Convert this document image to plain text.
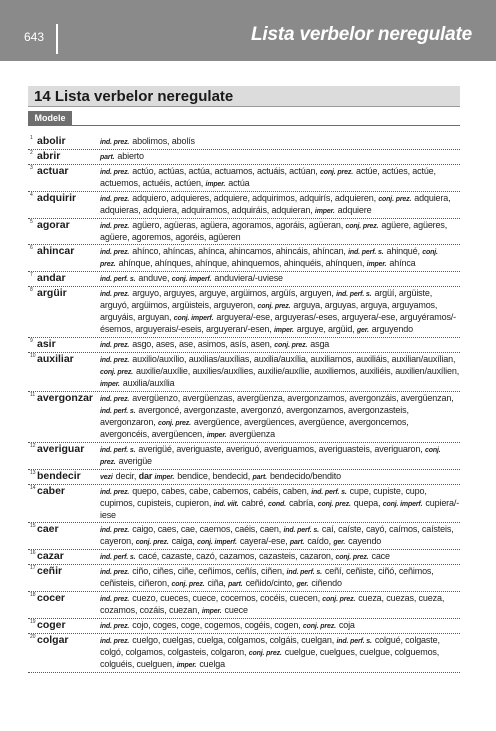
643	Lista verbelor neregulate
14 Lista verbelor neregulate
Modele
1 abolir	ind. prez. abolimos, abolís
2 abrir	part. abierto
3 actuar	ind. prez. actúo, actúas, actúa, actuamos, actuáis, actúan, conj. prez. actúe, actúes, actúe, actuemos, actuéis, actúen, imper. actúa
4 adquirir	ind. prez. adquiero, adquieres, adquiere, adquirimos, adquirís, adquieren, conj. prez. adquiera, adquieras, adquiera, adquiramos, adquiráis, adquieran, imper. adquiere
5 agorar	ind. prez. agüero, agüeras, agüera, agoramos, agoráis, agüeran, conj. prez. agüere, agüeres, agüere, agoremos, agoréis, agüeren
6 ahincar	ind. prez. ahínco, ahíncas, ahínca, ahincamos, ahincáis, ahíncan, ind. perf. s. ahinqué, conj. prez. ahínque, ahínques, ahínque, ahinquemos, ahinquéis, ahínquen, imper. ahínca
7 andar	ind. perf. s. anduve, conj. imperf. anduviera/-uviese
8 argüir	ind. prez. arguyo, arguyes, arguye, argüimos, argüís, arguyen, ind. perf. s. argüí, argüiste, arguyó, argüimos, argüisteis, arguyeron, conj. prez. arguya, arguyas, arguya, arguyamos, arguyáis, arguyan, conj. imperf. arguyera/-ese, arguyeras/-eses, arguyera/-ese, arguyéramos/-ésemos, arguyerais/-eseis, arguyeran/-esen, imper. arguye, argüid, ger. arguyendo
9 asir	ind. prez. asgo, ases, ase, asimos, asís, asen, conj. prez. asga
10 auxiliar	ind. prez. auxilio/auxílio, auxilias/auxílias, auxilia/auxília, auxiliamos, auxiliáis, auxilian/auxílian,conj. prez. auxilie/auxílie, auxilies/auxílies, auxilie/auxílie, auxiliemos, auxiliéis, auxilien/auxílien,imper. auxilia/auxília
11 avergonzar ind. prez. avergüenzo, avergüenzas, avergüenza, avergonzamos, avergonzáis, avergüenzan,ind. perf. s. avergoncé, avergonzaste, avergonzó, avergonzamos, avergonzasteis, avergonzaron, conj. prez. avergüence, avergüences, avergüence, avergoncemos, avergoncéis, avergüencen, imper. avergüenza
12 averiguar	ind. perf. s. averigüé, averiguaste, averiguó, averiguamos, averiguasteis, averiguaron, conj. prez. averigüe
13 bendecir	vezi decir, dar imper. bendice, bendecid, part. bendecido/bendito
14 caber	ind. prez. quepo, cabes, cabe, cabemos, cabéis, caben, ind. perf. s. cupe, cupiste, cupo, cupimos, cupisteis, cupieron, ind. viit. cabré, cond. cabría, conj. prez. quepa, conj. imperf. cupiera/-iese
15 caer	ind. prez. caigo, caes, cae, caemos, caéis, caen, ind. perf. s. caí, caíste, cayó, caímos, caísteis, cayeron, conj. prez. caiga, conj. imperf. cayera/-ese, part. caído, ger. cayendo
16 cazar	ind. perf. s. cacé, cazaste, cazó, cazamos, cazasteis, cazaron, conj. prez. cace
17 ceñir	ind. prez. ciño, ciñes, ciñe, ceñimos, ceñís, ciñen, ind. perf. s. ceñí, ceñiste, ciñó, ceñimos, ceñisteis, ciñeron, conj. prez. ciña, part. ceñido/cinto, ger. ciñendo
18 cocer	ind. prez. cuezo, cueces, cuece, cocemos, cocéis, cuecen, conj. prez. cueza, cuezas, cueza, cozamos, cozáis, cuezan, imper. cuece
19 coger	ind. prez. cojo, coges, coge, cogemos, cogéis, cogen, conj. prez. coja
20 colgar	ind. prez. cuelgo, cuelgas, cuelga, colgamos, colgáis, cuelgan, ind. perf. s. colgué, colgaste, colgó, colgamos, colgasteis, colgaron, conj. prez. cuelgue, cuelgues, cuelgue, colguemos, colguéis, cuelguen, imper. cuelga
